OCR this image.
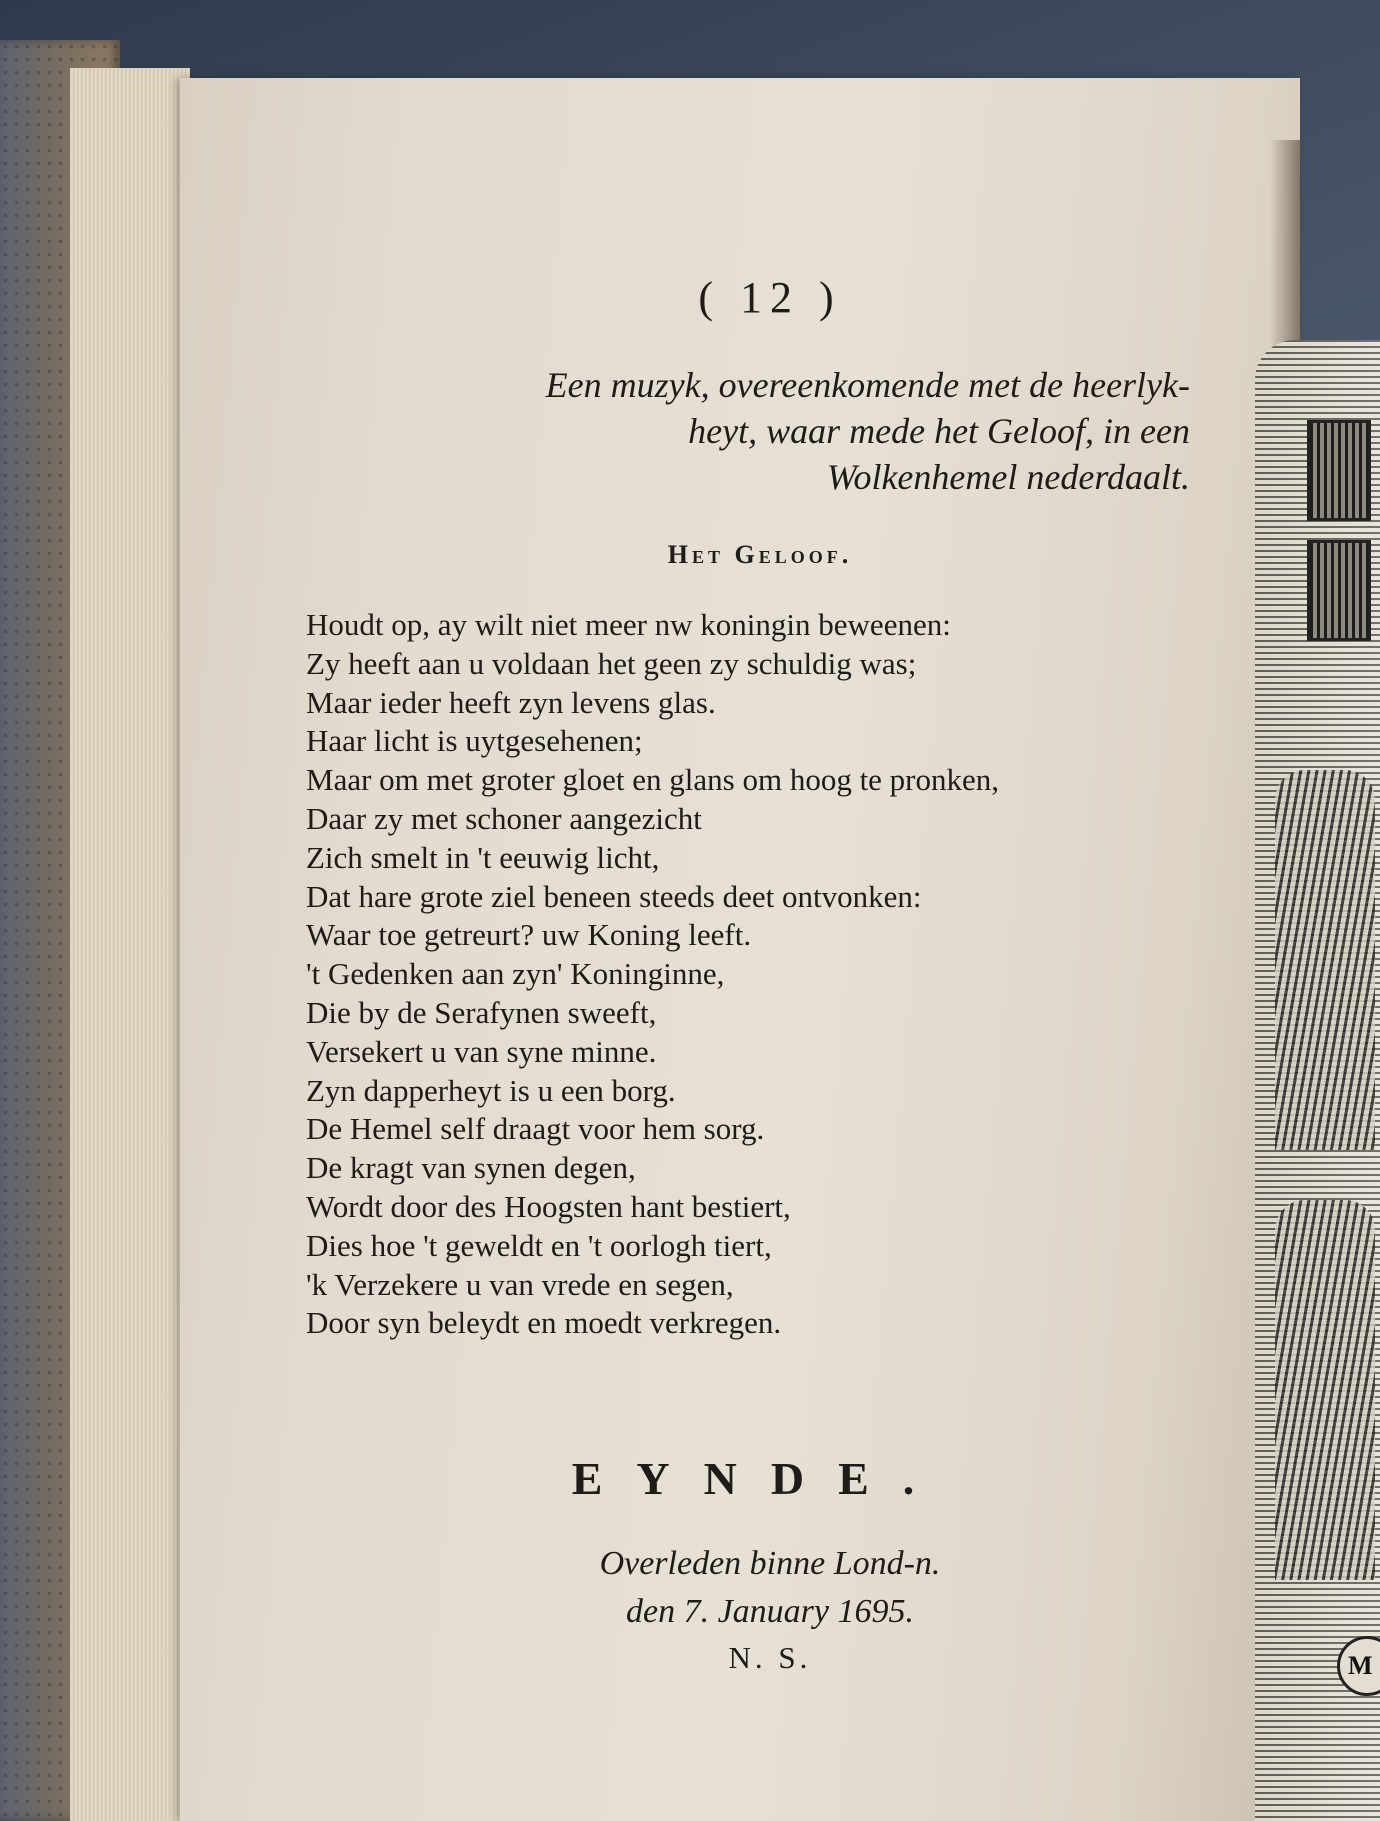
M
( 12 )
Een muzyk, overeenkomende met de heerlyk-
heyt, waar mede het Geloof, in een
Wolkenhemel nederdaalt.
Het Geloof.
Houdt op, ay wilt niet meer nw koningin beweenen:
Zy heeft aan u voldaan het geen zy schuldig was;
Maar ieder heeft zyn levens glas.
Haar licht is uytgesehenen;
Maar om met groter gloet en glans om hoog te pronken,
Daar zy met schoner aangezicht
Zich smelt in 't eeuwig licht,
Dat hare grote ziel beneen steeds deet ontvonken:
Waar toe getreurt? uw Koning leeft.
't Gedenken aan zyn' Koninginne,
Die by de Serafynen sweeft,
Versekert u van syne minne.
Zyn dapperheyt is u een borg.
De Hemel self draagt voor hem sorg.
De kragt van synen degen,
Wordt door des Hoogsten hant bestiert,
Dies hoe 't geweldt en 't oorlogh tiert,
'k Verzekere u van vrede en segen,
Door syn beleydt en moedt verkregen.
EYNDE.
Overleden binne Lond-n.
den 7. January 1695.
N. S.
